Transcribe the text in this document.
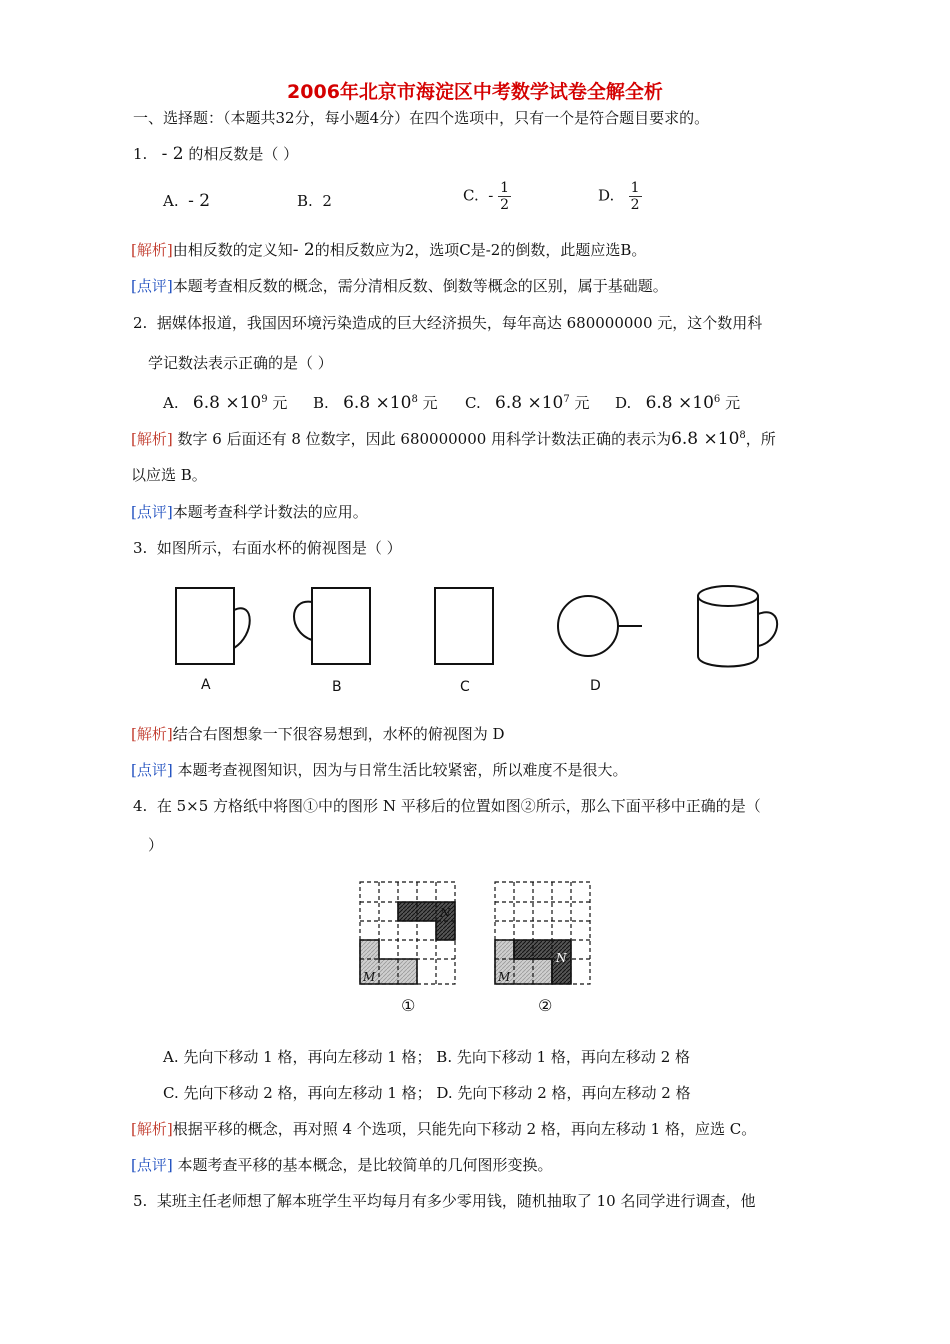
2006年北京市海淀区中考数学试卷全解全析
一、选择题：（本题共32分，每小题4分）在四个选项中，只有一个是符合题目要求的。
1. - 2 的相反数是（ ）
A. - 2	B. 2	C. - $\frac{1}{2}$	D. $\frac{1}{2}$
[解析]由相反数的定义知- 2的相反数应为2，选项C是-2的倒数，此题应选B。
[点评]本题考查相反数的概念，需分清相反数、倒数等概念的区别，属于基础题。
2. 据媒体报道，我国因环境污染造成的巨大经济损失，每年高达 680000000 元，这个数用科
学记数法表示正确的是（ ）
A. $6.8 \times 10^9$ 元 B. $6.8 \times 10^8$ 元 C. $6.8 \times 10^7$ 元 D. $6.8 \times 10^6$ 元
[解析] 数字 6 后面还有 8 位数字，因此 680000000 用科学计数法正确的表示为$6.8 \times 10^8$，所
以应选 B。
[点评]本题考查科学计数法的应用。
3. 如图所示，右面水杯的俯视图是（ ）
A	B	C	D
[解析]结合右图想象一下很容易想到，水杯的俯视图为 D
[点评] 本题考查视图知识，因为与日常生活比较紧密，所以难度不是很大。
4. 在 5×5 方格纸中将图①中的图形 N 平移后的位置如图②所示，那么下面平移中正确的是（
）
N
M
N
M
①	②
A. 先向下移动 1 格，再向左移动 1 格； B. 先向下移动 1 格，再向左移动 2 格
C. 先向下移动 2 格，再向左移动 1 格； D. 先向下移动 2 格，再向左移动 2 格
[解析]根据平移的概念，再对照 4 个选项，只能先向下移动 2 格，再向左移动 1 格，应选 C。
[点评] 本题考查平移的基本概念，是比较简单的几何图形变换。
5. 某班主任老师想了解本班学生平均每月有多少零用钱，随机抽取了 10 名同学进行调查，他
